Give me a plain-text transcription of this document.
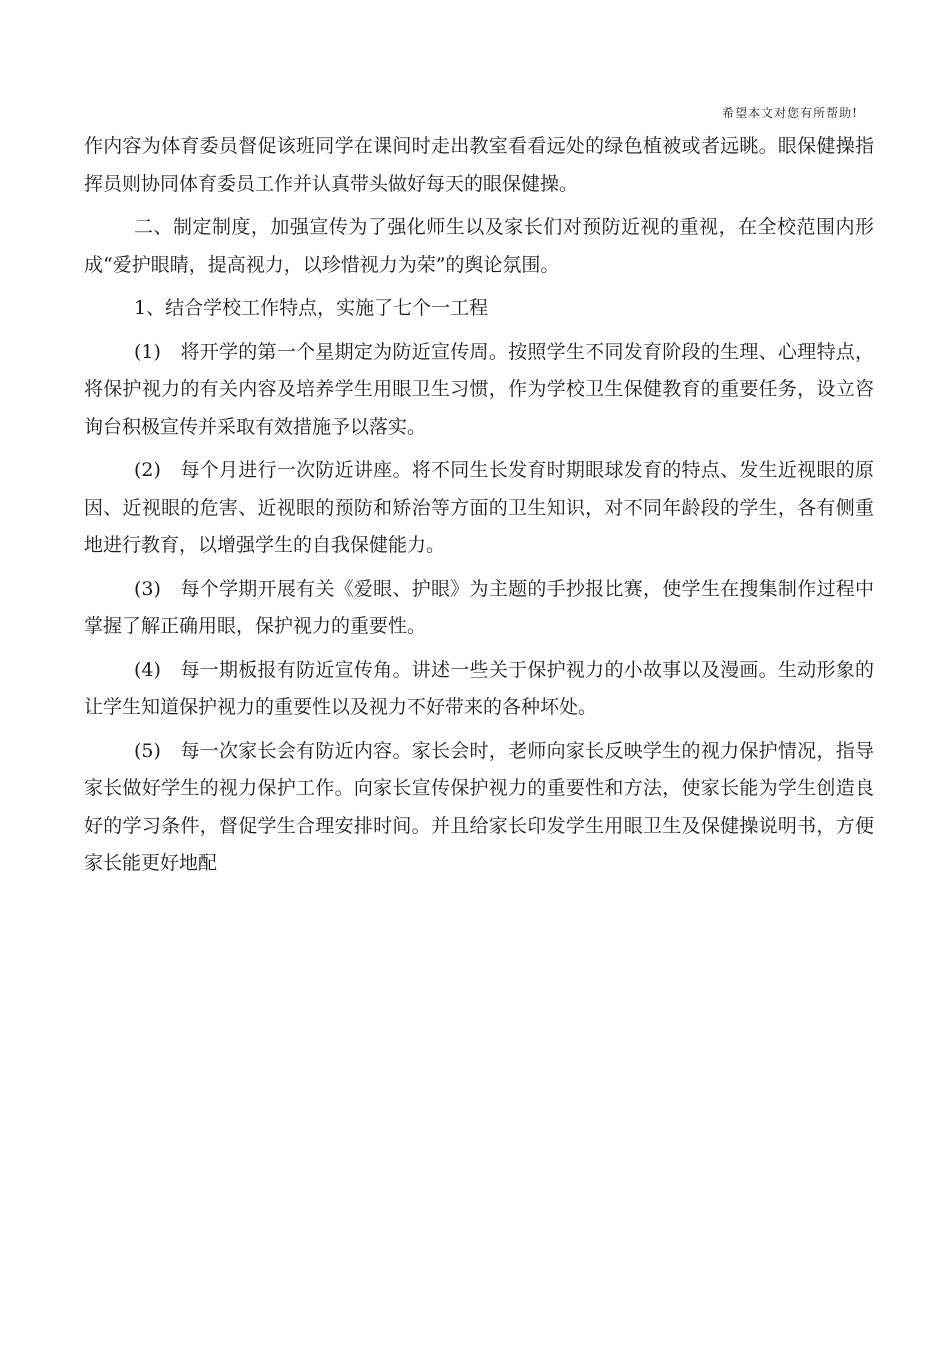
希望本文对您有所帮助!

作内容为体育委员督促该班同学在课间时走出教室看看远处的绿色植被或者远眺。眼保健操指挥员则协同体育委员工作并认真带头做好每天的眼保健操。

二、制定制度，加强宣传为了强化师生以及家长们对预防近视的重视，在全校范围内形成“爱护眼睛，提高视力，以珍惜视力为荣”的舆论氛围。

1、结合学校工作特点，实施了七个一工程

(1)　将开学的第一个星期定为防近宣传周。按照学生不同发育阶段的生理、心理特点，将保护视力的有关内容及培养学生用眼卫生习惯，作为学校卫生保健教育的重要任务，设立咨询台积极宣传并采取有效措施予以落实。

(2)　每个月进行一次防近讲座。将不同生长发育时期眼球发育的特点、发生近视眼的原因、近视眼的危害、近视眼的预防和矫治等方面的卫生知识，对不同年龄段的学生，各有侧重地进行教育，以增强学生的自我保健能力。

(3)　每个学期开展有关《爱眼、护眼》为主题的手抄报比赛，使学生在搜集制作过程中掌握了解正确用眼，保护视力的重要性。

(4)　每一期板报有防近宣传角。讲述一些关于保护视力的小故事以及漫画。生动形象的让学生知道保护视力的重要性以及视力不好带来的各种坏处。

(5)　每一次家长会有防近内容。家长会时，老师向家长反映学生的视力保护情况，指导家长做好学生的视力保护工作。向家长宣传保护视力的重要性和方法，使家长能为学生创造良好的学习条件，督促学生合理安排时间。并且给家长印发学生用眼卫生及保健操说明书，方便家长能更好地配
